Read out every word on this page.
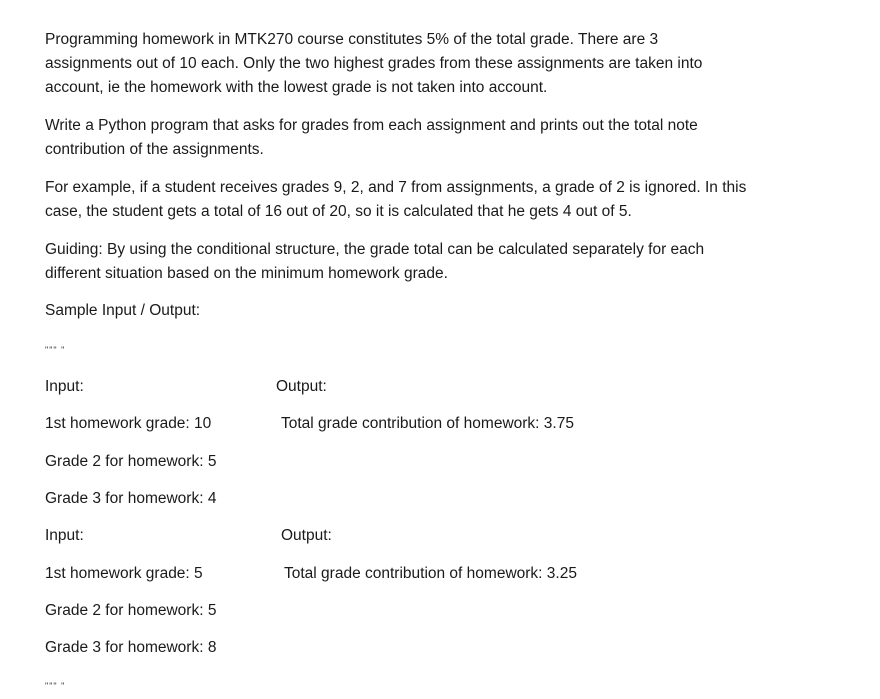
Programming homework in MTK270 course constitutes 5% of the total grade. There are 3
assignments out of 10 each. Only the two highest grades from these assignments are taken into
account, ie the homework with the lowest grade is not taken into account.
Write a Python program that asks for grades from each assignment and prints out the total note
contribution of the assignments.
For example, if a student receives grades 9, 2, and 7 from assignments, a grade of 2 is ignored. In this
case, the student gets a total of 16 out of 20, so it is calculated that he gets 4 out of 5.
Guiding: By using the conditional structure, the grade total can be calculated separately for each
different situation based on the minimum homework grade.
Sample Input / Output:
""" "
Input:	Output:
1st homework grade: 10	Total grade contribution of homework: 3.75
Grade 2 for homework: 5
Grade 3 for homework: 4
Input:	Output:
1st homework grade: 5	Total grade contribution of homework: 3.25
Grade 2 for homework: 5
Grade 3 for homework: 8
""" "
